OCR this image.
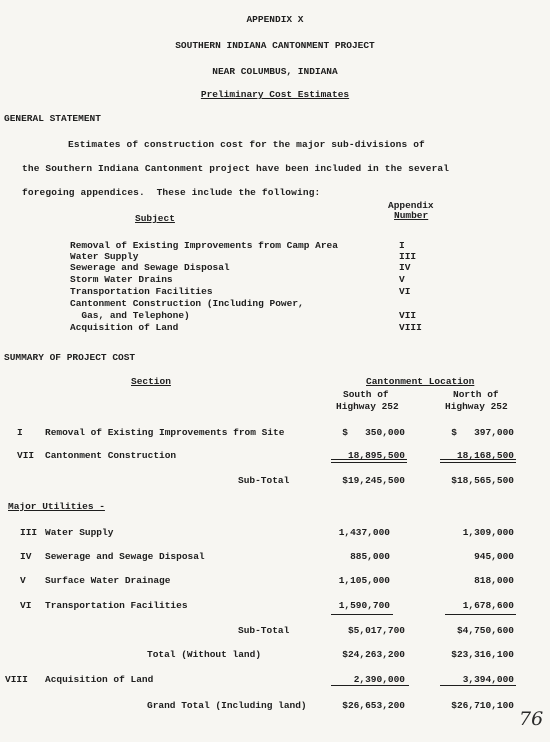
APPENDIX X
SOUTHERN INDIANA CANTONMENT PROJECT
NEAR COLUMBUS, INDIANA
Preliminary Cost Estimates
GENERAL STATEMENT
Estimates of construction cost for the major sub-divisions of
the Southern Indiana Cantonment project have been included in the several
foregoing appendices.  These include the following:
Subject
Appendix
Number
Removal of Existing Improvements from Camp Area	I
Water Supply	III
Sewerage and Sewage Disposal	IV
Storm Water Drains	V
Transportation Facilities	VI
Cantonment Construction (Including Power,
Gas, and Telephone)	VII
Acquisition of Land	VIII
SUMMARY OF PROJECT COST
Section	Cantonment Location
South of
Highway 252
North of
Highway 252
I Removal of Existing Improvements from Site	$   350,000	$   397,000
VII Cantonment Construction	18,895,500	18,168,500
Sub-Total	$19,245,500	$18,565,500
Major Utilities -
III Water Supply	1,437,000	1,309,000
IV Sewerage and Sewage Disposal	885,000	945,000
V Surface Water Drainage	1,105,000	818,000
VI Transportation Facilities	1,590,700	1,678,600
Sub-Total	$5,017,700	$4,750,600
Total (Without land)	$24,263,200	$23,316,100
VIII Acquisition of Land	2,390,000	3,394,000
Grand Total (Including land)	$26,653,200	$26,710,100
76
